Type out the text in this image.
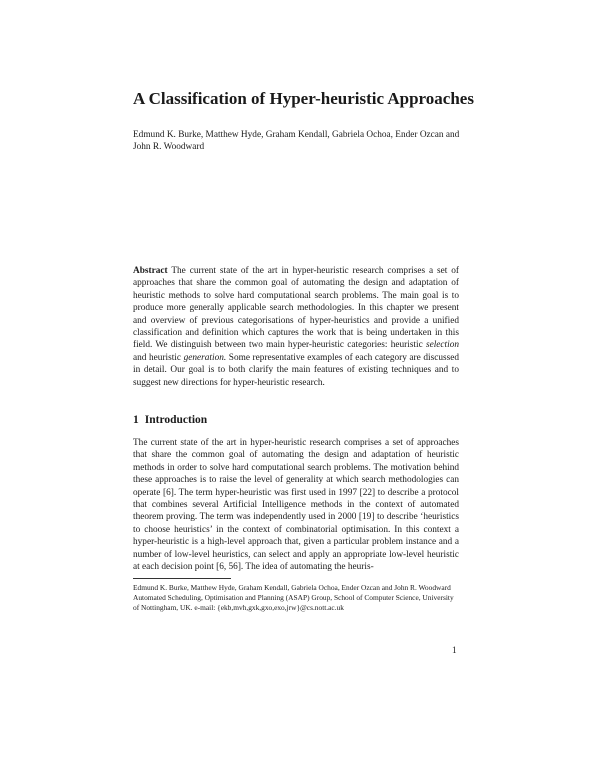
A Classification of Hyper-heuristic Approaches
Edmund K. Burke, Matthew Hyde, Graham Kendall, Gabriela Ochoa, Ender Ozcan and John R. Woodward

Abstract The current state of the art in hyper-heuristic research comprises a set of approaches that share the common goal of automating the design and adaptation of heuristic methods to solve hard computational search problems. The main goal is to produce more generally applicable search methodologies. In this chapter we present and overview of previous categorisations of hyper-heuristics and provide a unified classification and definition which captures the work that is being undertaken in this field. We distinguish between two main hyper-heuristic categories: heuristic selection and heuristic generation. Some representative examples of each category are discussed in detail. Our goal is to both clarify the main features of existing techniques and to suggest new directions for hyper-heuristic research.

1 Introduction

The current state of the art in hyper-heuristic research comprises a set of approaches that share the common goal of automating the design and adaptation of heuristic methods in order to solve hard computational search problems. The motivation behind these approaches is to raise the level of generality at which search methodologies can operate [6]. The term hyper-heuristic was first used in 1997 [22] to describe a protocol that combines several Artificial Intelligence methods in the context of automated theorem proving. The term was independently used in 2000 [19] to describe ‘heuristics to choose heuristics’ in the context of combinatorial optimisation. In this context a hyper-heuristic is a high-level approach that, given a particular problem instance and a number of low-level heuristics, can select and apply an appropriate low-level heuristic at each decision point [6, 56]. The idea of automating the heuris-

Edmund K. Burke, Matthew Hyde, Graham Kendall, Gabriela Ochoa, Ender Ozcan and John R. Woodward

Automated Scheduling, Optimisation and Planning (ASAP) Group, School of Computer Science, University of Nottingham, UK. e-mail: {ekb,mvh,gxk,gxo,exo,jrw}@cs.nott.ac.uk

1
